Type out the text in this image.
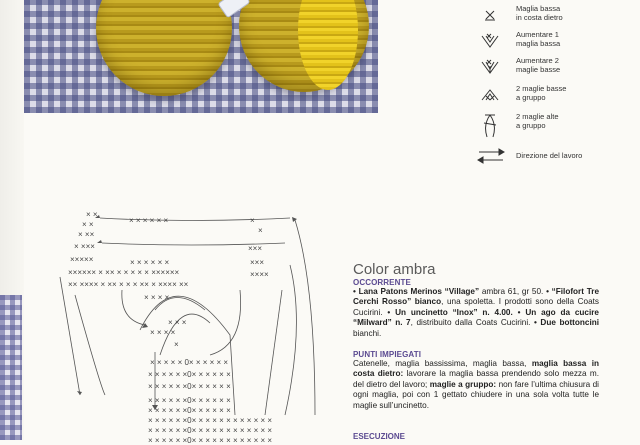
Maglia bassa
in costa dietro
Aumentare 1
maglia bassa
Aumentare 2
maglie basse
2 maglie basse
a gruppo
2 maglie alte
a gruppo
Direzione del lavoro
× ×
× ×	× × × × × ×	×
×
× ××
× ×××	×××
×××
×××××	× × × × × ×
××××
×××××× × ×× × × × × × ××××××
×× ×××× × ×× × × × ×× × ×××× ××
× × × ×
× × ×
× × × ×
×
× × × × × 0× × × × × ×
× × × × × ×0× × × × × ×
× × × × × ×0× × × × × ×
× × × × × ×0× × × × × ×
× × × × × ×0× × × × × ×
× × × × × ×0× × × × × × × × × × × ×
× × × × × ×0× × × × × × × × × × × ×
× × × × × ×0× × × × × × × × × × × ×
Color ambra
OCCORRENTE
• Lana Patons Merinos “Village” ambra 61, gr 50. • “Filofort Tre Cerchi Rosso” bianco, una spoletta. I prodotti sono della Coats Cucirini. • Un uncinetto “Inox” n. 4.00. • Un ago da cucire “Milward” n. 7, distribuito dalla Coats Cucirini. • Due bottoncini bianchi.
PUNTI IMPIEGATI
Catenelle, maglia bassissima, maglia bassa, maglia bassa in costa dietro: lavorare la maglia bassa prendendo solo mezza m. del dietro del lavoro; maglie a gruppo: non fare l’ultima chiusura di ogni maglia, poi con 1 gettato chiudere in una sola volta tutte le maglie sull’uncinetto.
ESECUZIONE
